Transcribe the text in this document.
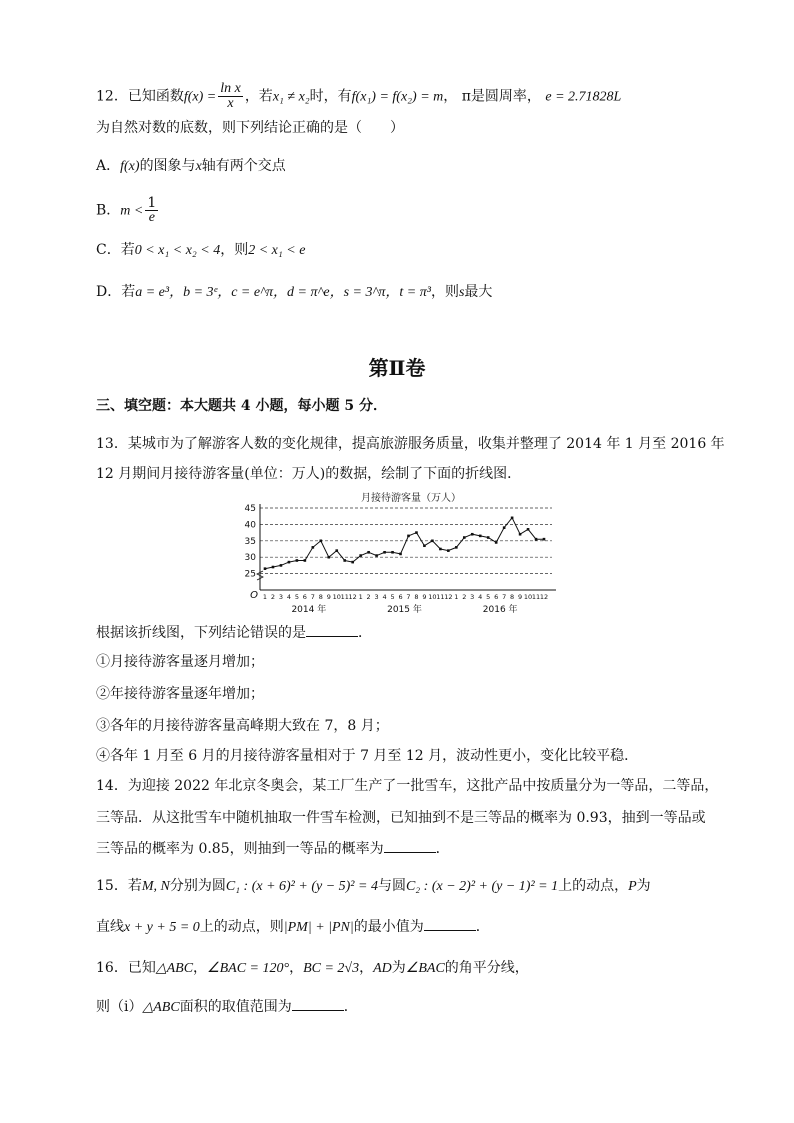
12．已知函数$f(x) = \frac{\text{ln x}}{x}$ ，若x₁ ≠ x₂时，有f(x₁) = f(x₂) = m， π是圆周率， e = 2.71828L
为自然对数的底数，则下列结论正确的是（　　）
A．f(x)的图象与x轴有两个交点
B．$m < \frac{1}{e}$
C．若0 < x₁ < x₂ < 4，则2 < x₁ < e
D．若a = e³，b = 3ᵉ，c = e^π，d = π^e，s = 3^π，t = π³，则s最大
第Ⅱ卷
三、填空题：本大题共 4 小题，每小题 5 分．
13．某城市为了解游客人数的变化规律，提高旅游服务质量，收集并整理了 2014 年 1 月至 2016 年
12 月期间月接待游客量(单位：万人)的数据，绘制了下面的折线图．
月接待游客量（万人）
25
30
35
40
45
O 1 2 3 4 5 6 7 8 9 10 11 12 1 2 3 4 5 6 7 8 9 10 11 12 1 2 3 4 5 6 7 8 9 10 11 12
2014 年	2015 年	2016 年
根据该折线图，下列结论错误的是	．
①月接待游客量逐月增加；
②年接待游客量逐年增加；
③各年的月接待游客量高峰期大致在 7，8 月；
④各年 1 月至 6 月的月接待游客量相对于 7 月至 12 月，波动性更小，变化比较平稳．
14．为迎接 2022 年北京冬奥会，某工厂生产了一批雪车，这批产品中按质量分为一等品，二等品，
三等品．从这批雪车中随机抽取一件雪车检测，已知抽到不是三等品的概率为 0.93，抽到一等品或
三等品的概率为 0.85，则抽到一等品的概率为	．
15．若M, N分别为圆C₁ : (x + 6)² + (y − 5)² = 4与圆C₂ : (x − 2)² + (y − 1)² = 1上的动点，P为
直线x + y + 5 = 0上的动点，则|PM| + |PN|的最小值为	．
16．已知△ABC，∠BAC = 120°，BC = 2√3，AD为∠BAC的角平分线，
则（i）△ABC面积的取值范围为	．
